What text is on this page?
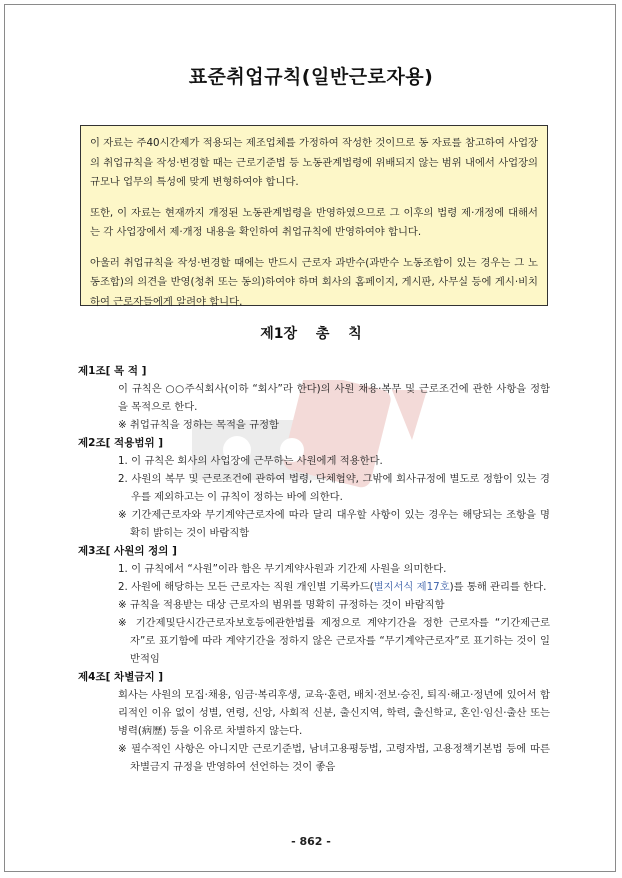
표준취업규칙(일반근로자용)

이 자료는 주40시간제가 적용되는 제조업체를 가정하여 작성한 것이므로 동 자료를 참고하여 사업장의 취업규칙을 작성·변경할 때는 근로기준법 등 노동관계법령에 위배되지 않는 범위 내에서 사업장의 규모나 업무의 특성에 맞게 변형하여야 합니다.

또한, 이 자료는 현재까지 개정된 노동관계법령을 반영하였으므로 그 이후의 법령 제·개정에 대해서는 각 사업장에서 제·개정 내용을 확인하여 취업규칙에 반영하여야 합니다.

아울러 취업규칙을 작성·변경할 때에는 반드시 근로자 과반수(과반수 노동조합이 있는 경우는 그 노동조합)의 의견을 반영(청취 또는 동의)하여야 하며 회사의 홈페이지, 게시판, 사무실 등에 게시·비치하여 근로자들에게 알려야 합니다.

제1장 총 칙
제1조[ 목 적 ]
이 규칙은 ○○주식회사(이하 “회사”라 한다)의 사원 채용·복무 및 근로조건에 관한 사항을 정함을 목적으로 한다.
※ 취업규칙을 정하는 목적을 규정함
제2조[ 적용범위 ]
1. 이 규칙은 회사의 사업장에 근무하는 사원에게 적용한다.
2. 사원의 복무 및 근로조건에 관하여 법령, 단체협약, 그밖에 회사규정에 별도로 정함이 있는 경우를 제외하고는 이 규칙이 정하는 바에 의한다.
※ 기간제근로자와 무기계약근로자에 따라 달리 대우할 사항이 있는 경우는 해당되는 조항을 명확히 밝히는 것이 바람직함
제3조[ 사원의 정의 ]
1. 이 규칙에서 “사원”이라 함은 무기계약사원과 기간제 사원을 의미한다.
2. 사원에 해당하는 모든 근로자는 직원 개인별 기록카드(별지서식 제17호)를 통해 관리를 한다.
※ 규칙을 적용받는 대상 근로자의 범위를 명확히 규정하는 것이 바람직함
※ 기간제및단시간근로자보호등에관한법률 제정으로 계약기간을 정한 근로자를 “기간제근로자”로 표기함에 따라 계약기간을 정하지 않은 근로자를 “무기계약근로자”로 표기하는 것이 일반적임
제4조[ 차별금지 ]
회사는 사원의 모집·채용, 임금·복리후생, 교육·훈련, 배치·전보·승진, 퇴직·해고·정년에 있어서 합리적인 이유 없이 성별, 연령, 신앙, 사회적 신분, 출신지역, 학력, 출신학교, 혼인·임신·출산 또는 병력(病歷) 등을 이유로 차별하지 않는다.
※ 필수적인 사항은 아니지만 근로기준법, 남녀고용평등법, 고령자법, 고용정책기본법 등에 따른 차별금지 규정을 반영하여 선언하는 것이 좋음
- 862 -
